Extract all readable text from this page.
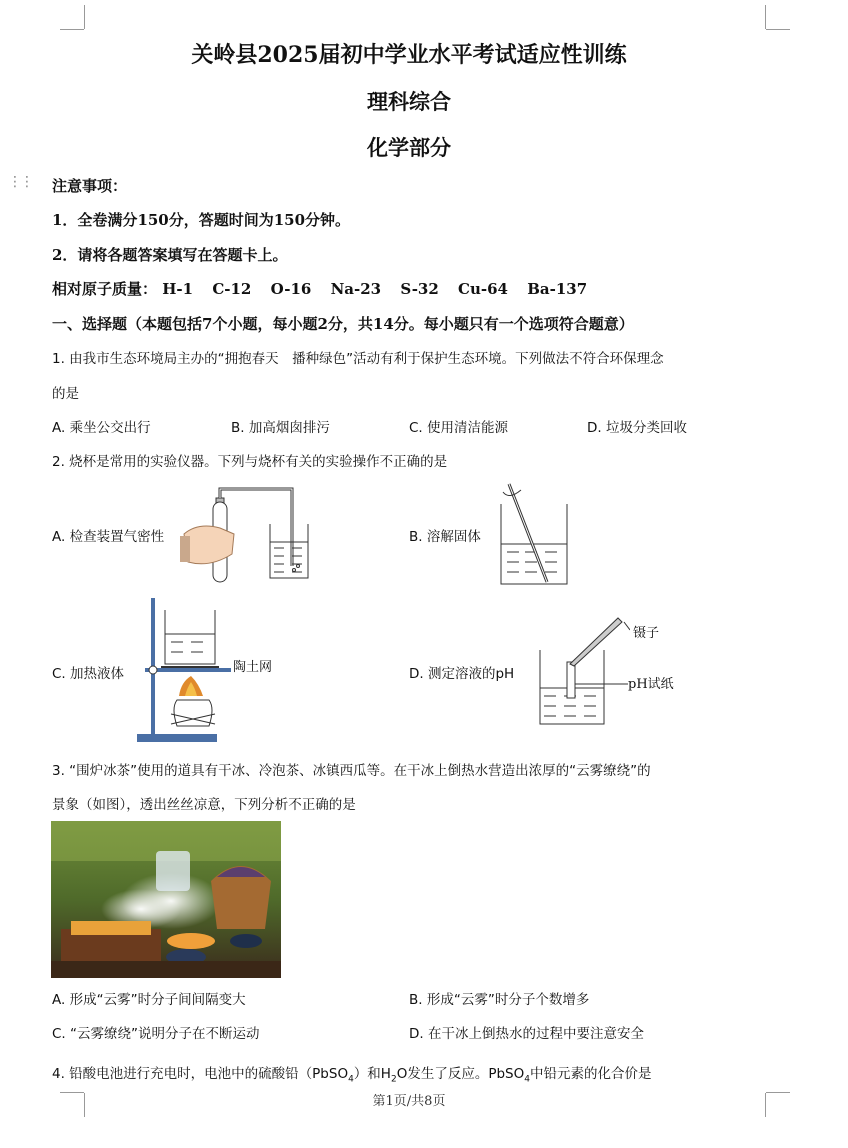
⋮⋮
关岭县2025届初中学业水平考试适应性训练
理科综合
化学部分
注意事项：
1．全卷满分150分，答题时间为150分钟。
2．请将各题答案填写在答题卡上。
相对原子质量： H-1 C-12 O-16 Na-23 S-32 Cu-64 Ba-137
一、选择题（本题包括7个小题，每小题2分，共14分。每小题只有一个选项符合题意）
1. 由我市生态环境局主办的“拥抱春天　播种绿色”活动有利于保护生态环境。下列做法不符合环保理念
的是
A. 乘坐公交出行	B. 加高烟囱排污	C. 使用清洁能源	D. 垃圾分类回收
2. 烧杯是常用的实验仪器。下列与烧杯有关的实验操作不正确的是
A. 检查装置气密性	B. 溶解固体
C. 加热液体	D. 测定溶液的pH
陶土网
镊子
pH试纸
3. “围炉冰茶”使用的道具有干冰、冷泡茶、冰镇西瓜等。在干冰上倒热水营造出浓厚的“云雾缭绕”的
景象（如图），透出丝丝凉意，下列分析不正确的是
A. 形成“云雾”时分子间间隔变大	B. 形成“云雾”时分子个数增多
C. “云雾缭绕”说明分子在不断运动	D. 在干冰上倒热水的过程中要注意安全
4. 铅酸电池进行充电时，电池中的硫酸铅（PbSO$_4$）和$H_2O$发生了反应。PbSO$_4$中铅元素的化合价是
第1页/共8页
